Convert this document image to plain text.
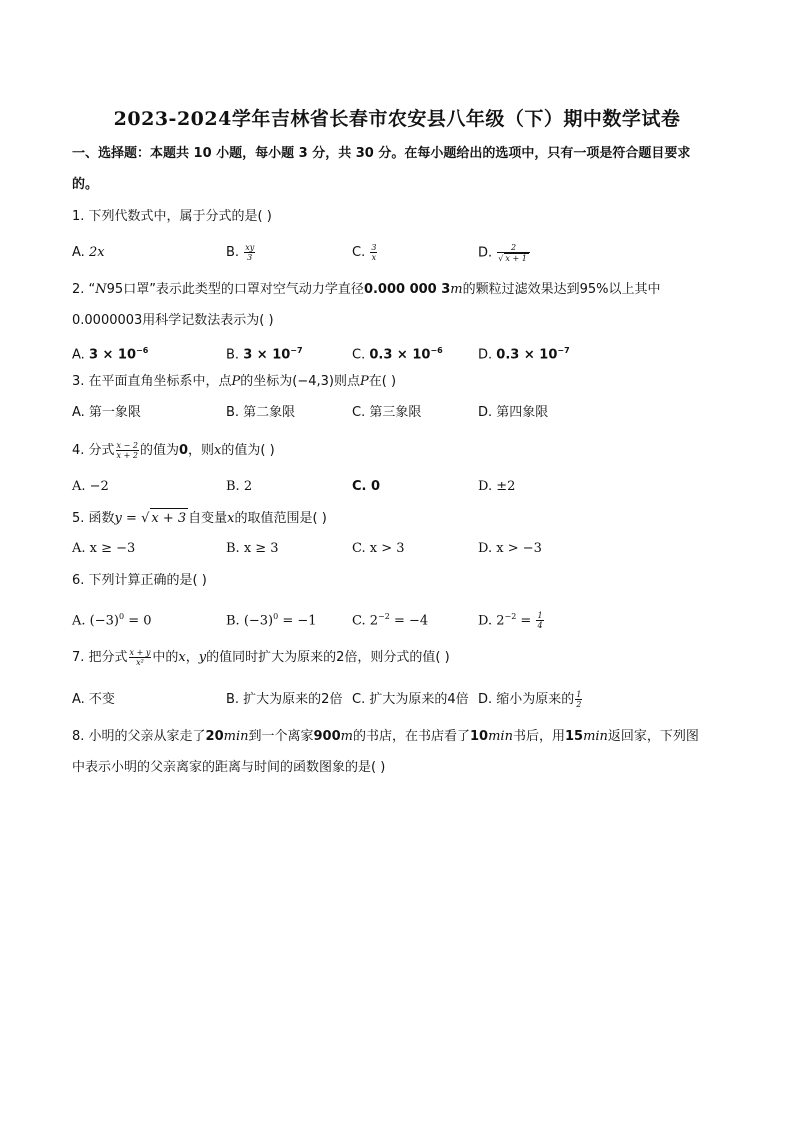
2023-2024学年吉林省长春市农安县八年级（下）期中数学试卷
一、选择题：本题共 10 小题，每小题 3 分，共 30 分。在每小题给出的选项中，只有一项是符合题目要求
的。
1. 下列代数式中，属于分式的是( )
A. 2x	B. $\frac{xy}{3}$	C. $\frac{3}{x}$	D. $\frac{2}{√ x + 1}$
2. “N95口罩”表示此类型的口罩对空气动力学直径0.000 000 3m的颗粒过滤效果达到95%以上其中
0.0000003用科学记数法表示为( )
A. $3 \times 10^{-6}$	B. $3 \times 10^{-7}$	C. $0.3 \times 10^{-6}$	D. $0.3 \times 10^{-7}$
3. 在平面直角坐标系中，点P的坐标为(−4,3)则点P在( )
A. 第一象限	B. 第二象限	C. 第三象限	D. 第四象限
4. 分式 $\frac{x - 2}{x + 2}$ 的值为0，则x的值为( )
A. −2	B. 2	C. 0	D. ±2
5. 函数y = √ x + 3 自变量x的取值范围是( )
A. x ≥ −3	B. x ≥ 3	C. x > 3	D. x > −3
6. 下列计算正确的是( )
A. $(-3)^0 = 0$	B. $(-3)^0 = -1$	C. $2^{-2} = -4$	D. $2^{-2} = \frac{1}{4}$
7. 把分式 $\frac{x + y}{\text{x²}}$ 中的x，y的值同时扩大为原来的2倍，则分式的值( )
A. 不变	B. 扩大为原来的2倍 C. 扩大为原来的4倍 D. 缩小为原来的 $\frac{1}{2}$
8. 小明的父亲从家走了20min到一个离家900m的书店，在书店看了10min书后，用15min返回家，下列图
中表示小明的父亲离家的距离与时间的函数图象的是( )
